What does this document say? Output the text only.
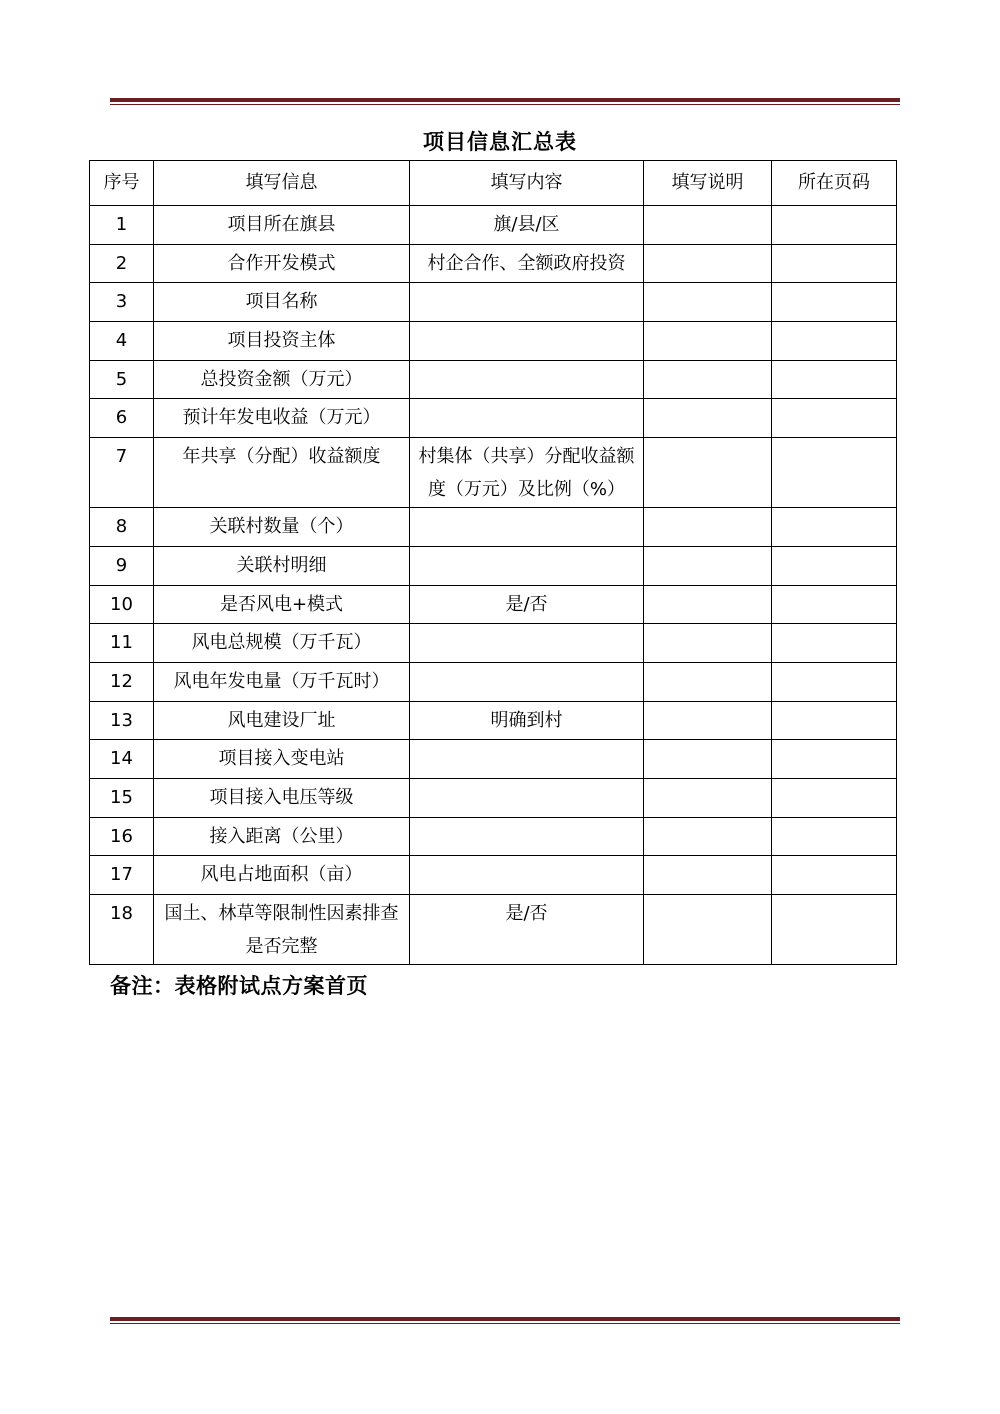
项目信息汇总表
序号	填写信息	填写内容	填写说明	所在页码
1	项目所在旗县	旗/县/区		
2	合作开发模式	村企合作、全额政府投资		
3	项目名称			
4	项目投资主体			
5	总投资金额（万元）			
6	预计年发电收益（万元）			
7	年共享（分配）收益额度	村集体（共享）分配收益额度（万元）及比例（%）		
8	关联村数量（个）			
9	关联村明细			
10	是否风电+模式	是/否		
11	风电总规模（万千瓦）			
12	风电年发电量（万千瓦时）			
13	风电建设厂址	明确到村		
14	项目接入变电站			
15	项目接入电压等级			
16	接入距离（公里）			
17	风电占地面积（亩）			
18	国土、林草等限制性因素排查是否完整	是/否		
备注：表格附试点方案首页
